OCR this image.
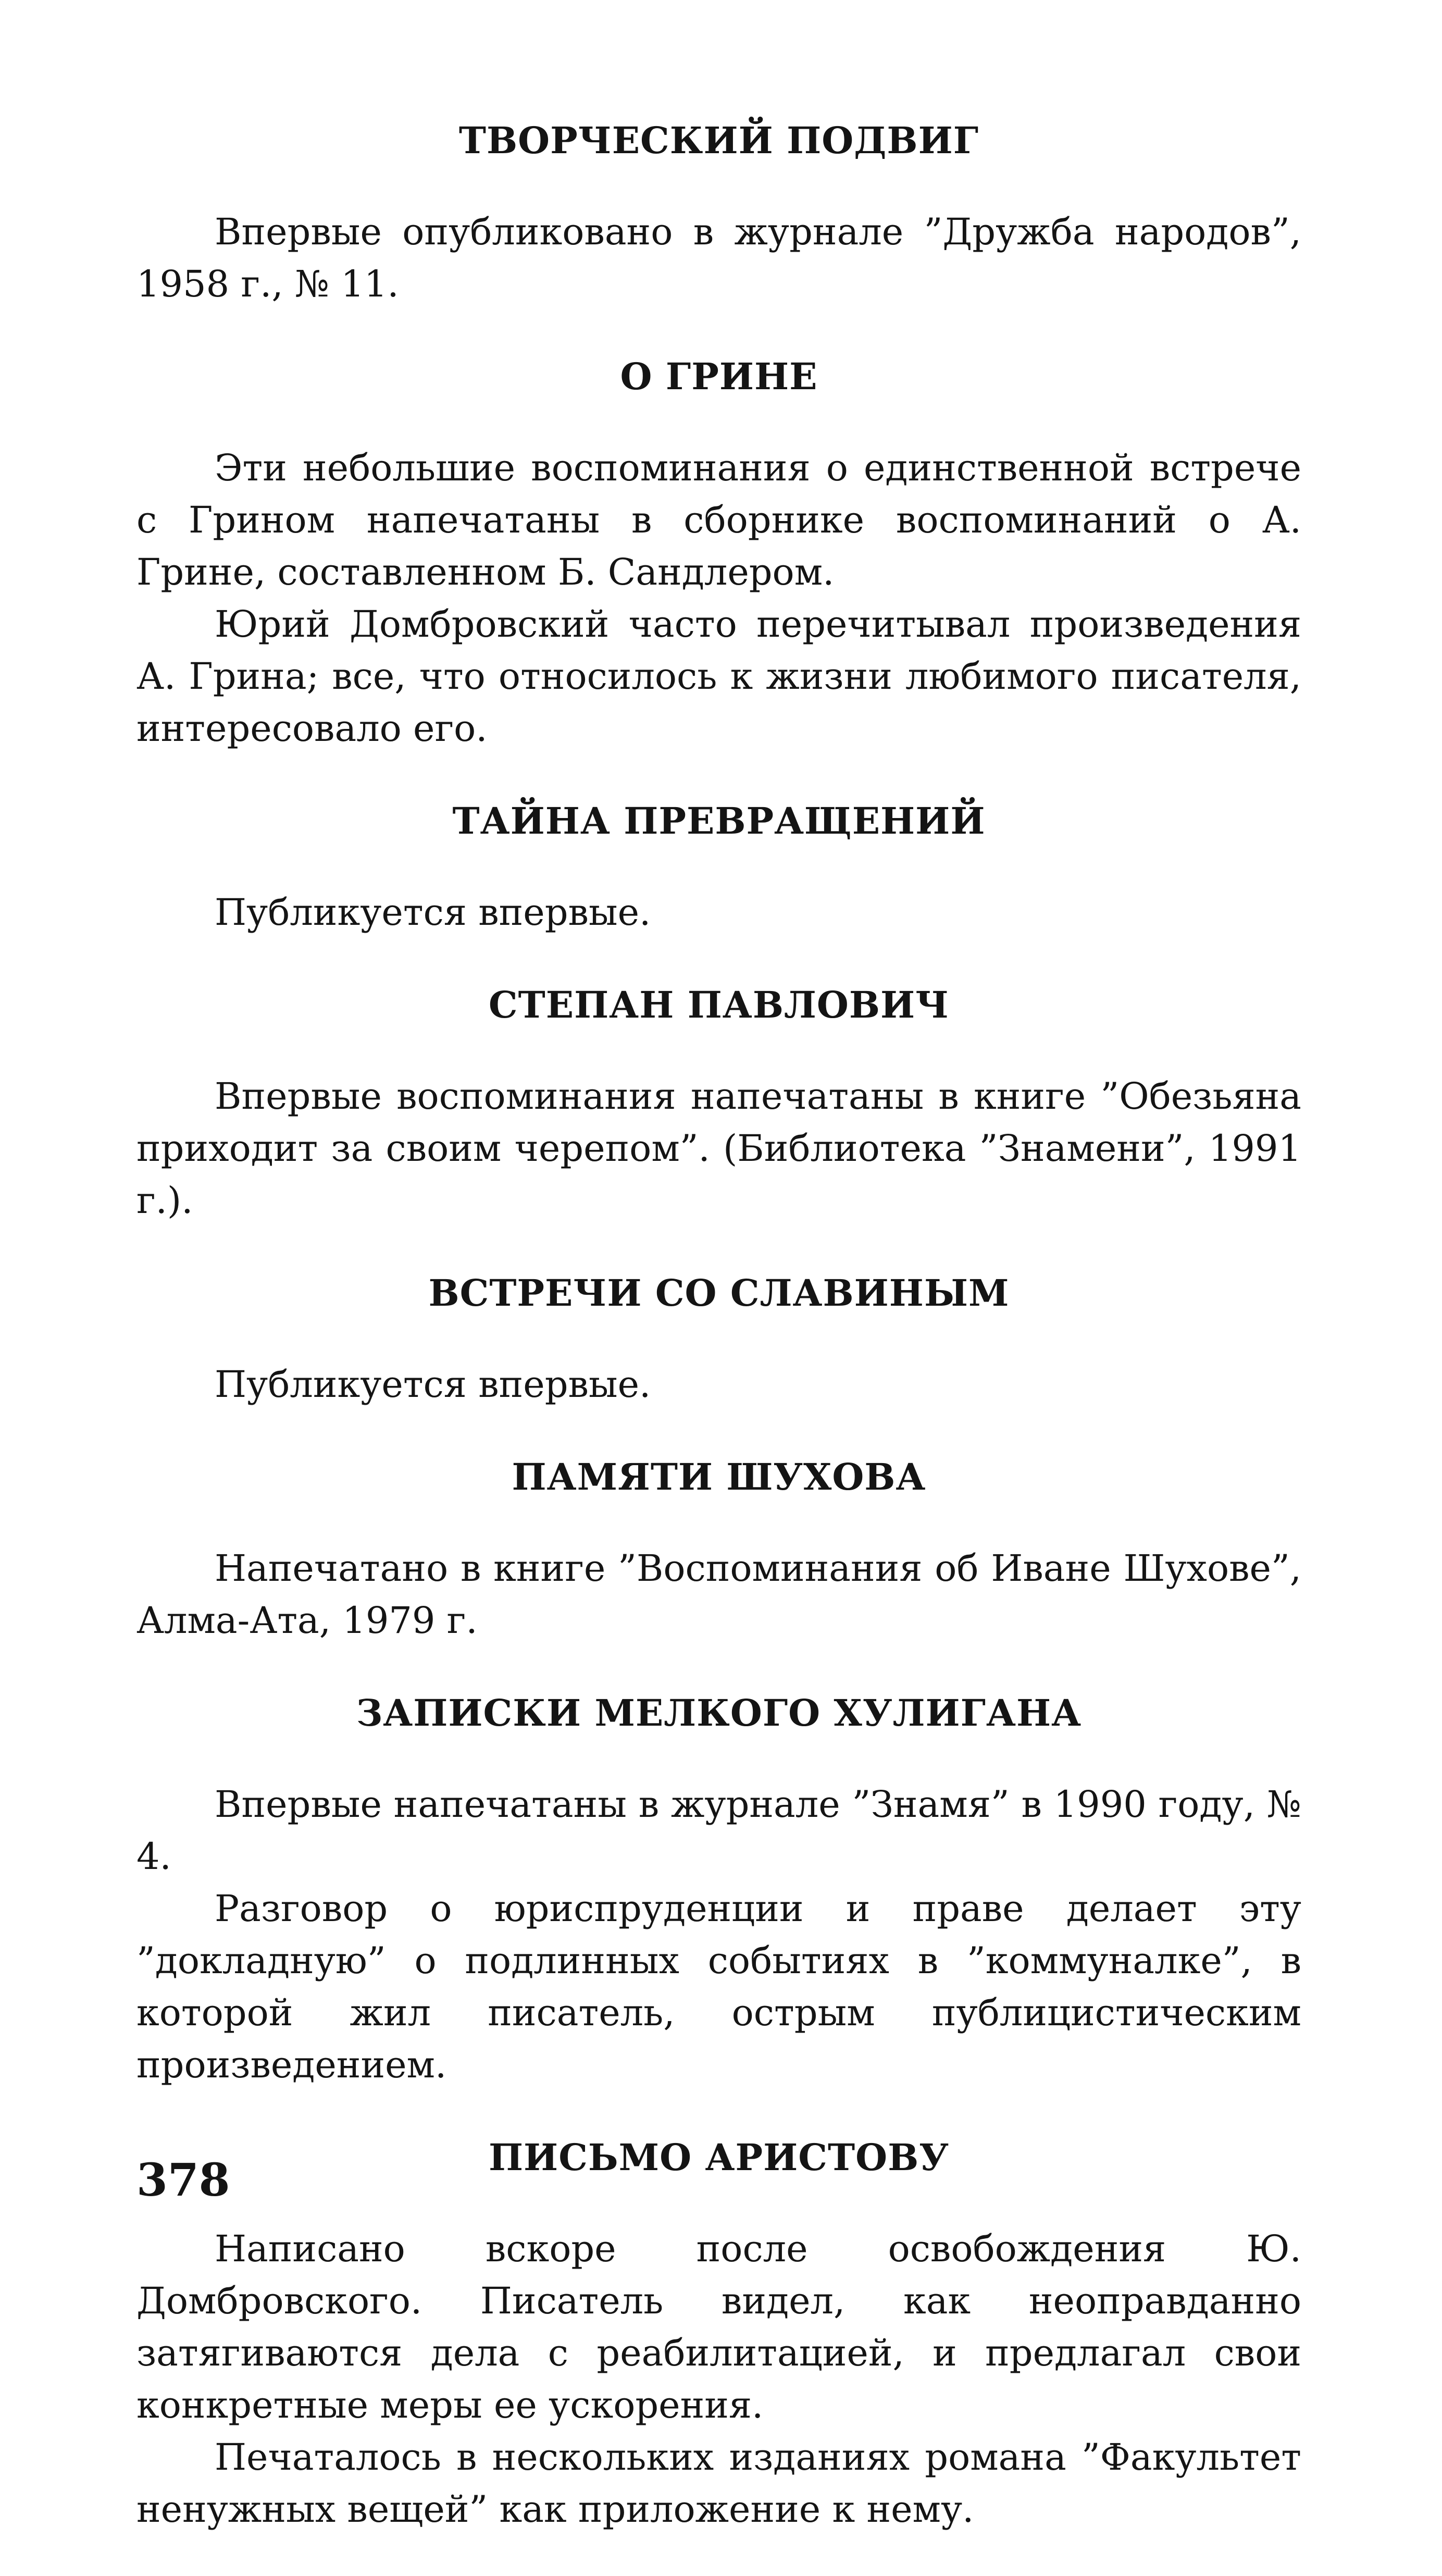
ТВОРЧЕСКИЙ ПОДВИГ

Впервые опубликовано в журнале ”Дружба народов”, 1958 г., № 11.

О ГРИНЕ

Эти небольшие воспоминания о единственной встрече с Грином напечатаны в сборнике воспоминаний о А. Грине, составленном Б. Сандлером.

Юрий Домбровский часто перечитывал произведения А. Грина; все, что относилось к жизни любимого писателя, интересовало его.

ТАЙНА ПРЕВРАЩЕНИЙ

Публикуется впервые.

СТЕПАН ПАВЛОВИЧ

Впервые воспоминания напечатаны в книге ”Обезьяна приходит за своим черепом”. (Библиотека ”Знамени”, 1991 г.).

ВСТРЕЧИ СО СЛАВИНЫМ

Публикуется впервые.

ПАМЯТИ ШУХОВА

Напечатано в книге ”Воспоминания об Иване Шухове”, Алма-Ата, 1979 г.

ЗАПИСКИ МЕЛКОГО ХУЛИГАНА

Впервые напечатаны в журнале ”Знамя” в 1990 году, № 4.

Разговор о юриспруденции и праве делает эту ”докладную” о подлинных событиях в ”коммуналке”, в которой жил писатель, острым публицистическим произведением.

ПИСЬМО АРИСТОВУ

Написано вскоре после освобождения Ю. Домбровского. Писатель видел, как неоправданно затягиваются дела с реабилитацией, и предлагал свои конкретные меры ее ускорения.

Печаталось в нескольких изданиях романа ”Факультет ненужных вещей” как приложение к нему.

378
